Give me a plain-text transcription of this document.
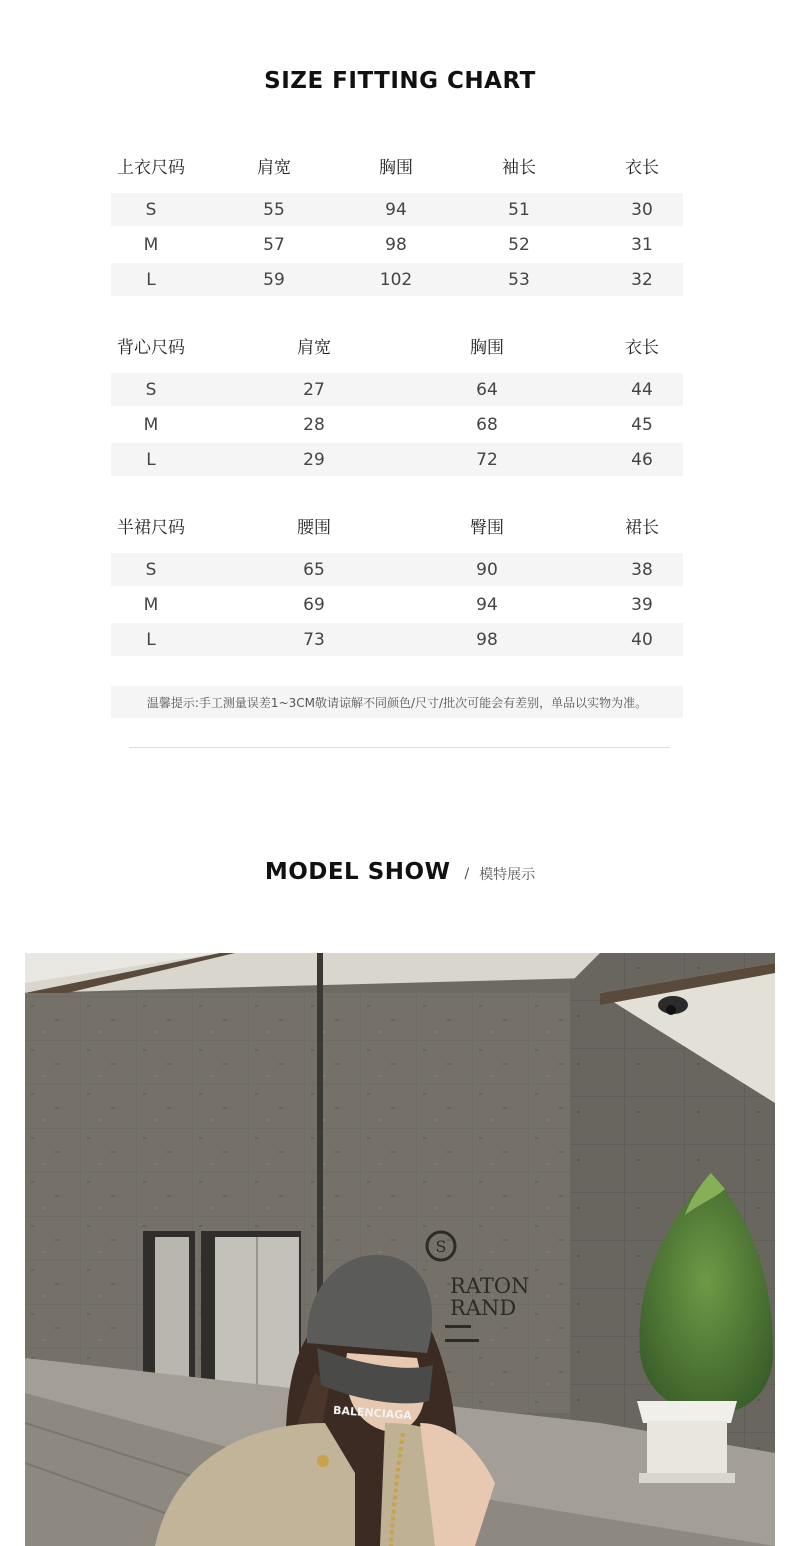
SIZE FITTING CHART
上衣尺码	肩宽	胸围	袖长	衣长
S	55	94	51	30
M	57	98	52	31
L	59	102	53	32
背心尺码	肩宽	胸围	衣长
S	27	64	44
M	28	68	45
L	29	72	46
半裙尺码	腰围	臀围	裙长
S	65	90	38
M	69	94	39
L	73	98	40
温馨提示:手工测量误差1~3CM敬请谅解不同颜色/尺寸/批次可能会有差别，单品以实物为准。
MODEL SHOW / 模特展示
S
RATON
RAND
BALENCIAGA
